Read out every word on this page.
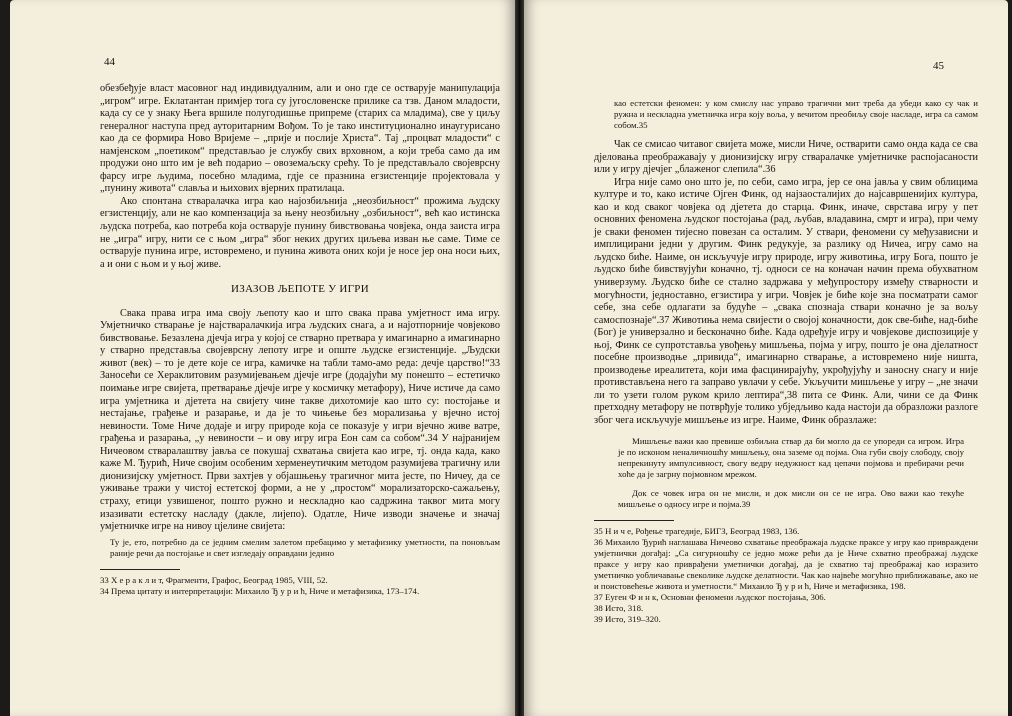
44

обезбеђује власт масовног над индивидуалним, али и оно где се остварује манипулација „игром“ игре. Еклатантан примјер тога су југословенске прилике са тзв. Даном младости, када су се у знаку Њега вршиле полугодишње припреме (старих са младима), све у циљу генералног наступа пред ауторитарним Вођом. То је тако институционално инаугурисано као да се формира Ново Вријеме – „прије и послије Христа“. Тај „процват младости“ с намјенском „поетиком“ представљао је службу свих врховном, а који треба само да им продужи оно што им је већ подарио – овоземаљску срећу. То је представљало својеврсну фарсу игре људима, посебно младима, гдје се празнина егзистенције пројектовала у „пунину живота“ славља и њихових вјерних пратилаца.

Ако спонтана стваралачка игра као најозбиљнија „неозбиљност“ прожима људску егзистенцију, али не као компензација за њену неозбиљну „озбиљност“, већ као истинска људска потреба, као потреба која остварује пунину бивствовања човјека, онда заиста игра не „игра“ игру, нити се с њом „игра“ због неких других циљева изван ње саме. Тиме се остварује пунина игре, истовремено, и пунина живота оних који је носе јер она носи њих, а и они с њом и у њој живе.

ИЗАЗОВ ЉЕПОТЕ У ИГРИ

Свака права игра има своју љепоту као и што свака права умјетност има игру. Умјетничко стварање је најстваралачкија игра људских снага, а и најотпорније човјеково бивствовање. Безазлена дјечја игра у којој се стварно претвара у имагинарно а имагинарно у стварно представља својеврсну лепоту игре и опште људске егзистенције. „Људски живот (век) – то је дете које се игра, камичке на табли тамо-амо реда: дечје царство!“33 Заносећи се Хераклитовим разумијевањем дјечје игре (додајући му понешто – естетичко поимање игре свијета, претварање дјечје игре у космичку метафору), Ниче истиче да само игра умјетника и дјетета на свијету чине такве дихотомије као што су: постојање и нестајање, грађење и разарање, и да је то чињење без морализања у вјечно истој невиности. Томе Ниче додаје и игру природе која се показује у игри вјечно живе ватре, грађења и разарања, „у невиности – и ову игру игра Еон сам са собом“.34 У најранијем Ничеовом стваралаштву јавља се покушај схватања свијета као игре, тј. онда када, како каже М. Ђурић, Ниче својим особеним херменеутичким методом разумијева трагичну или дионизијску умјетност. Први захтјев у објашњењу трагичног мита јесте, по Ничеу, да се уживање тражи у чистој естетској форми, а не у „простом“ морализаторско-сажаљењу, страху, етици узвишеног, пошто ружно и нескладно као садржина таквог мита могу изазивати естетску насладу (дакле, лијепо). Одатле, Ниче изводи значење и значај умјетничке игре на нивоу цјелине свијета:

Ту је, ето, потребно да се једним смелим залетом пребацимо у метафизику уметности, па поновљам раније речи да постојање и свет изгледају оправдани једино

33 Х е р а к л и т, Фрагменти, Графос, Београд 1985, VIII, 52.

34 Према цитату и интерпретацији: Михаило Ђ у р и ћ, Ниче и метафизика, 173–174.

45

као естетски феномен: у ком смислу нас управо трагични мит треба да убеди како су чак и ружна и нескладна уметничка игра коју воља, у вечитом преобиљу своје насладе, игра са самом собом.35

Чак се смисао читавог свијета може, мисли Ниче, остварити само онда када се сва дјеловања преображавају у дионизијску игру стваралачке умјетничке распојасаности или у игру дјечјег „блаженог слепила“.36

Игра није само оно што је, по себи, само игра, јер се она јавља у свим облицима културе и то, како истиче Ојген Финк, од најзаосталијих до најсавршенијих култура, као и код сваког човјека од дјетета до старца. Финк, иначе, сврстава игру у пет основних феномена људског постојања (рад, љубав, владавина, смрт и игра), при чему је сваки феномен тијесно повезан са осталим. У ствари, феномени су међузависни и имплицирани једни у другим. Финк редукује, за разлику од Ничеа, игру само на људско биће. Наиме, он искључује игру природе, игру животиња, игру Бога, пошто је људско биће бивствујући коначно, тј. односи се на коначан начин према обухватном универзуму. Људско биће се стално задржава у међупростору између стварности и могућности, једноставно, егзистира у игри. Човјек је биће које зна посматрати самог себе, зна себе одлагати за будуће – „свака спознаја ствари коначно је за вољу самоспознаје“.37 Животиња нема свијести о својој коначности, док све-биће, над-биће (Бог) је универзално и бесконачно биће. Када одређује игру и човјекове диспозиције у њој, Финк се супротставља увођењу мишљења, појма у игру, пошто је она дјелатност посебне производње „привида“, имагинарно стварање, а истовремено није ништа, производење иреалитета, који има фасцинирајућу, укрођујућу и заносну снагу и није противстављена него га заправо увлачи у себе. Укључити мишљење у игру – „не значи ли то узети голом руком крило лептира“,38 пита се Финк. Али, чини се да Финк претходну метафору не потврђује толико убједљиво када настоји да образложи разлоге због чега искључује мишљење из игре. Наиме, Финк образлаже:

Мишљење важи као превише озбиљна ствар да би могло да се упореди са игром. Игра је по исконом неналичношћу мишљењу, она заземе од појма. Она губи своју слободу, своју непрекинуту импулсивност, свогу ведру недужност кад цепачи појмова и пребирачи речи хоће да је загрну појмовном мрежом.

Док се човек игра он не мисли, и док мисли он се не игра. Ово важи као текуће мишљење о односу игре и појма.39

35 Н и ч е, Рођење трагедије, БИГЗ, Београд 1983, 136.

36 Михаило Ђурић наглашава Ничеово схватање преображаја људске праксе у игру као привраждени умјетнички догађај: „Са сигурношћу се једно може рећи да је Ниче схватио преображај људске праксе у игру као приврађени уметнички догађај, да је схватио тај преображај као изразито уметничко уобличавање свеколике људске делатности. Чак као највеће могућно приближавање, ако не и поистовећење живота и уметности.“ Михаило Ђ у р и ћ, Ниче и метафизика, 198.

37 Еуген Ф и н к, Основни феномени људског постојања, 306.

38 Исто, 318.

39 Исто, 319–320.
